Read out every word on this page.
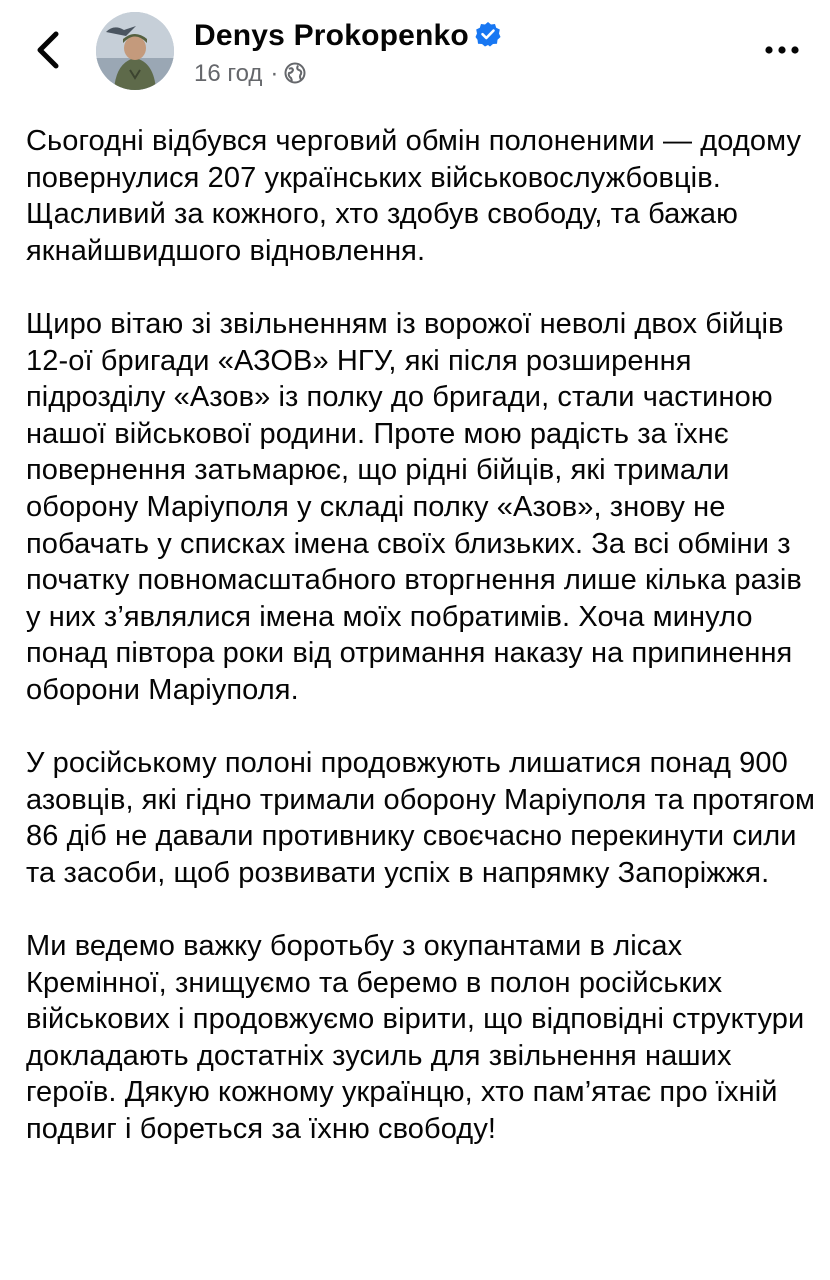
Denys Prokopenko
16 год ·

Сьогодні відбувся черговий обмін полоненими — додому повернулися 207 українських військовослужбовців. Щасливий за кожного, хто здобув свободу, та бажаю якнайшвидшого відновлення.

Щиро вітаю зі звільненням із ворожої неволі двох бійців 12-ої бригади «АЗОВ» НГУ, які після розширення підрозділу «Азов» із полку до бригади, стали частиною нашої військової родини. Проте мою радість за їхнє повернення затьмарює, що рідні бійців, які тримали оборону Маріуполя у складі полку «Азов», знову не побачать у списках імена своїх близьких. За всі обміни з початку повномасштабного вторгнення лише кілька разів у них з’являлися імена моїх побратимів. Хоча минуло понад півтора роки від отримання наказу на припинення оборони Маріуполя.

У російському полоні продовжують лишатися понад 900 азовців, які гідно тримали оборону Маріуполя та протягом 86 діб не давали противнику своєчасно перекинути сили та засоби, щоб розвивати успіх в напрямку Запоріжжя.

Ми ведемо важку боротьбу з окупантами в лісах Кремінної, знищуємо та беремо в полон російських військових і продовжуємо вірити, що відповідні структури докладають достатніх зусиль для звільнення наших героїв. Дякую кожному українцю, хто пам’ятає про їхній подвиг і бореться за їхню свободу!
